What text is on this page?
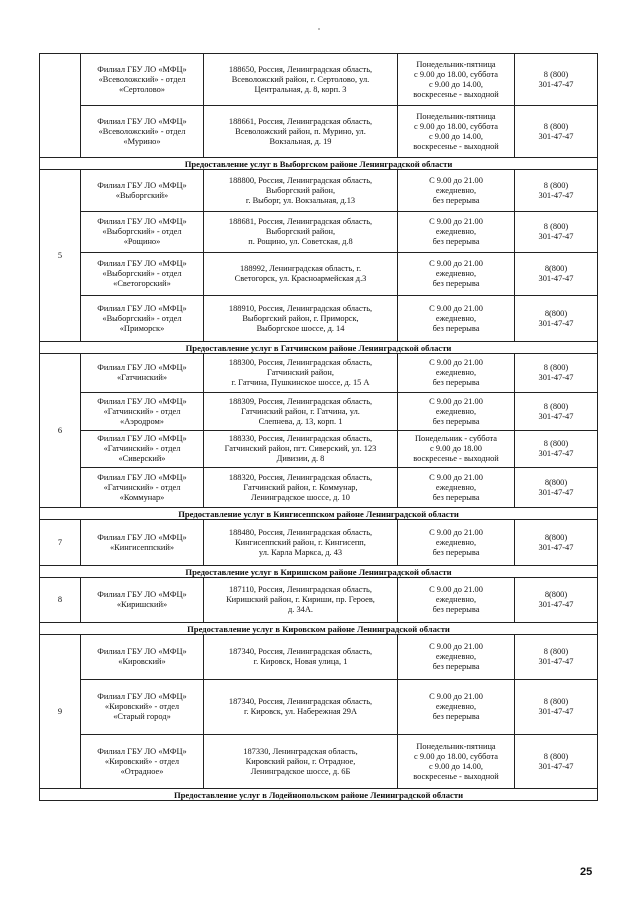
	Филиал ГБУ ЛО «МФЦ»
«Всеволожский» - отдел
«Сертолово»	188650, Россия, Ленинградская область,
Всеволожский район, г. Сертолово, ул.
Центральная, д. 8, корп. 3	Понедельник-пятница
с 9.00 до 18.00, суббота
с 9.00 до 14.00,
воскресенье - выходной	8 (800)
301-47-47

	Филиал ГБУ ЛО «МФЦ»
«Всеволожский» - отдел
«Мурино»	188661, Россия, Ленинградская область,
Всеволожский район, п. Мурино, ул.
Вокзальная, д. 19	Понедельник-пятница
с 9.00 до 18.00, суббота
с 9.00 до 14.00,
воскресенье - выходной	8 (800)
301-47-47

Предоставление услуг в Выборгском районе Ленинградской области				
5	Филиал ГБУ ЛО «МФЦ»
«Выборгский»	188800, Россия, Ленинградская область,
Выборгский район,
г. Выборг, ул. Вокзальная, д.13	С 9.00 до 21.00
ежедневно,
без перерыва	8 (800)
301-47-47

	Филиал ГБУ ЛО «МФЦ»
«Выборгский» - отдел
«Рощино»	188681, Россия, Ленинградская область,
Выборгский район,
п. Рощино, ул. Советская, д.8	С 9.00 до 21.00
ежедневно,
без перерыва	8 (800)
301-47-47

	Филиал ГБУ ЛО «МФЦ»
«Выборгский» - отдел
«Светогорский»	188992, Ленинградская область, г.
Светогорск, ул. Красноармейская д.3	С 9.00 до 21.00
ежедневно,
без перерыва	8(800)
301-47-47

	Филиал ГБУ ЛО «МФЦ»
«Выборгский» - отдел
«Приморск»	188910, Россия, Ленинградская область,
Выборгский район, г. Приморск,
Выборгское шоссе, д. 14	С 9.00 до 21.00
ежедневно,
без перерыва	8(800)
301-47-47

Предоставление услуг в Гатчинском районе Ленинградской области				
6	Филиал ГБУ ЛО «МФЦ»
«Гатчинский»	188300, Россия, Ленинградская область,
Гатчинский район,
г. Гатчина, Пушкинское шоссе, д. 15 А	С 9.00 до 21.00
ежедневно,
без перерыва	8 (800)
301-47-47

	Филиал ГБУ ЛО «МФЦ»
«Гатчинский» - отдел
«Аэродром»	188309, Россия, Ленинградская область,
Гатчинский район, г. Гатчина, ул.
Слепнева, д. 13, корп. 1	С 9.00 до 21.00
ежедневно,
без перерыва	8 (800)
301-47-47

	Филиал ГБУ ЛО «МФЦ»
«Гатчинский» - отдел
«Сиверский»	188330, Россия, Ленинградская область,
Гатчинский район, пгт. Сиверский, ул. 123
Дивизии, д. 8	Понедельник - суббота
с 9.00 до 18.00
воскресенье - выходной	8 (800)
301-47-47

	Филиал ГБУ ЛО «МФЦ»
«Гатчинский» - отдел
«Коммунар»	188320, Россия, Ленинградская область,
Гатчинский район, г. Коммунар,
Ленинградское шоссе, д. 10	С 9.00 до 21.00
ежедневно,
без перерыва	8(800)
301-47-47

Предоставление услуг в Кингисеппском районе Ленинградской области				
7	Филиал ГБУ ЛО «МФЦ»
«Кингисеппский»	188480, Россия, Ленинградская область,
Кингисеппский район, г. Кингисепп,
ул. Карла Маркса, д. 43	С 9.00 до 21.00
ежедневно,
без перерыва	8(800)
301-47-47

Предоставление услуг в Киришском районе Ленинградской области				
8	Филиал ГБУ ЛО «МФЦ»
«Киришский»	187110, Россия, Ленинградская область,
Киришский район, г. Кириши, пр. Героев,
д. 34А.	С 9.00 до 21.00
ежедневно,
без перерыва	8(800)
301-47-47

Предоставление услуг в Кировском районе Ленинградской области				
9	Филиал ГБУ ЛО «МФЦ»
«Кировский»	187340, Россия, Ленинградская область,
г. Кировск, Новая улица, 1	С 9.00 до 21.00
ежедневно,
без перерыва	8 (800)
301-47-47

	Филиал ГБУ ЛО «МФЦ»
«Кировский» - отдел
«Старый город»	187340, Россия, Ленинградская область,
г. Кировск, ул. Набережная 29А	С 9.00 до 21.00
ежедневно,
без перерыва	8 (800)
301-47-47

	Филиал ГБУ ЛО «МФЦ»
«Кировский» - отдел
«Отрадное»	187330, Ленинградская область,
Кировский район, г. Отрадное,
Ленинградское шоссе, д. 6Б	Понедельник-пятница
с 9.00 до 18.00, суббота
с 9.00 до 14.00,
воскресенье - выходной	8 (800)
301-47-47

Предоставление услуг в Лодейнопольском районе Ленинградской области				
25
